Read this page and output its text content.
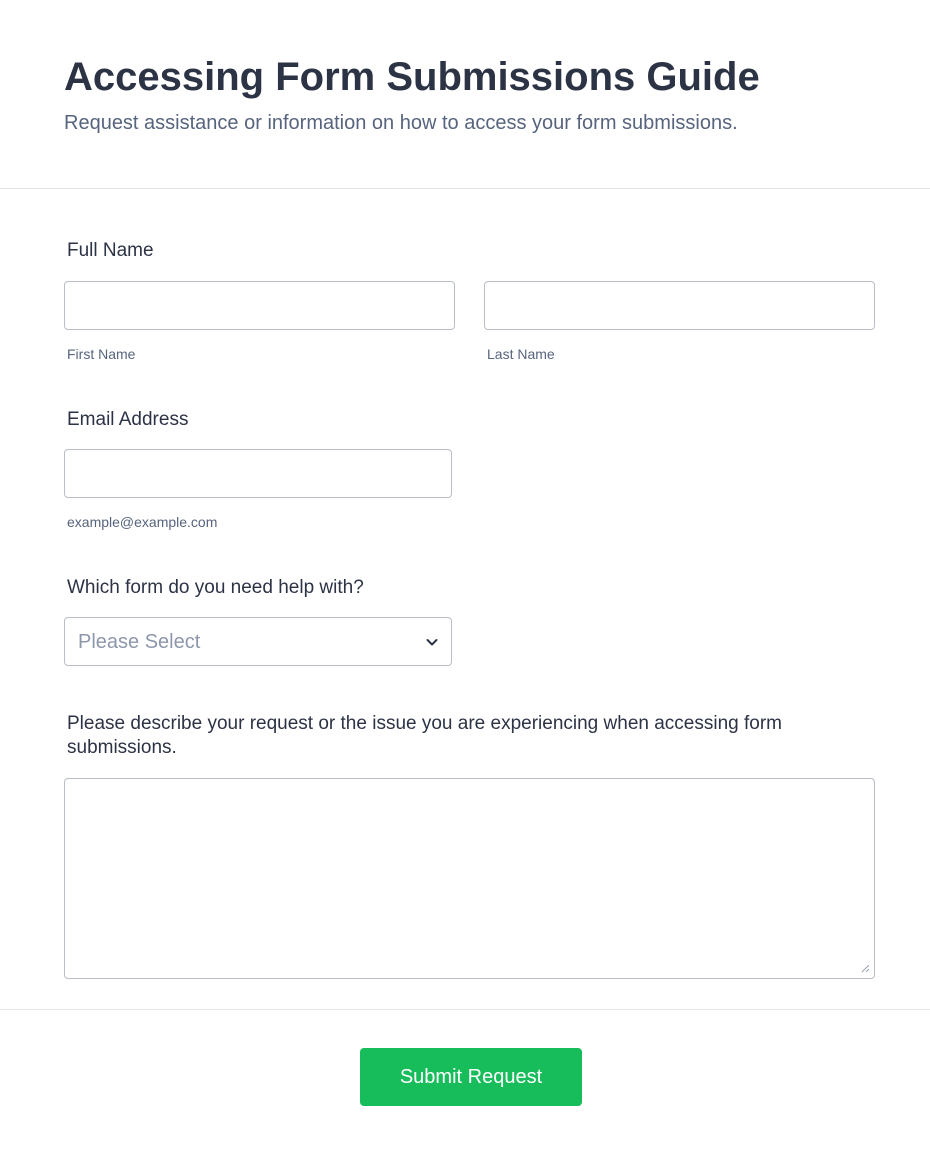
Accessing Form Submissions Guide

Request assistance or information on how to access your form submissions.

Full Name
First Name	Last Name
Email Address
example@example.com
Which form do you need help with?
Please Select
Please describe your request or the issue you are experiencing when accessing form submissions.
Submit Request
